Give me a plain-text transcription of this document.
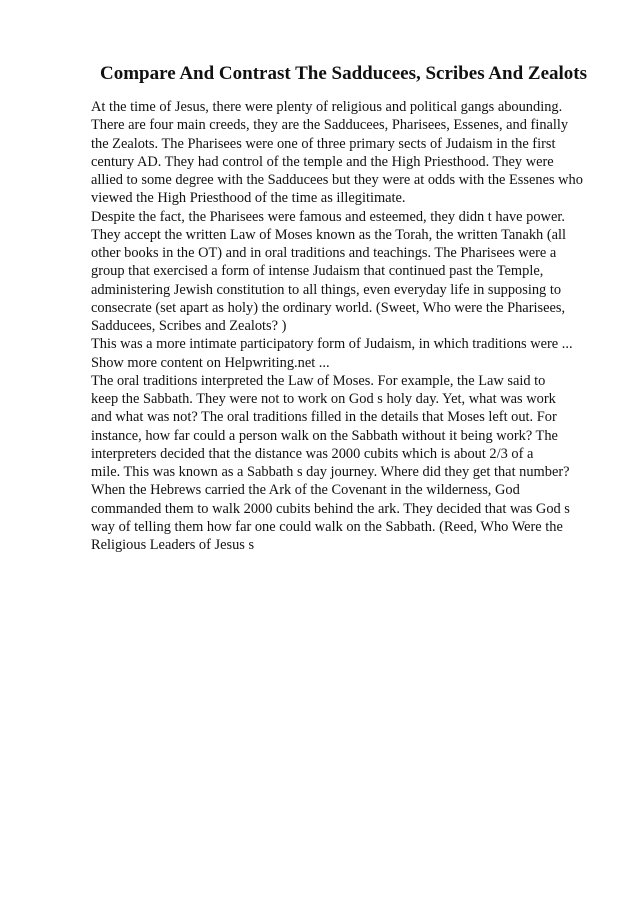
Compare And Contrast The Sadducees, Scribes And Zealots
At the time of Jesus, there were plenty of religious and political gangs abounding.
There are four main creeds, they are the Sadducees, Pharisees, Essenes, and finally
the Zealots. The Pharisees were one of three primary sects of Judaism in the first
century AD. They had control of the temple and the High Priesthood. They were
allied to some degree with the Sadducees but they were at odds with the Essenes who
viewed the High Priesthood of the time as illegitimate.
Despite the fact, the Pharisees were famous and esteemed, they didn t have power.
They accept the written Law of Moses known as the Torah, the written Tanakh (all
other books in the OT) and in oral traditions and teachings. The Pharisees were a
group that exercised a form of intense Judaism that continued past the Temple,
administering Jewish constitution to all things, even everyday life in supposing to
consecrate (set apart as holy) the ordinary world. (Sweet, Who were the Pharisees,
Sadducees, Scribes and Zealots? )
This was a more intimate participatory form of Judaism, in which traditions were ...
Show more content on Helpwriting.net ...
The oral traditions interpreted the Law of Moses. For example, the Law said to
keep the Sabbath. They were not to work on God s holy day. Yet, what was work
and what was not? The oral traditions filled in the details that Moses left out. For
instance, how far could a person walk on the Sabbath without it being work? The
interpreters decided that the distance was 2000 cubits which is about 2/3 of a
mile. This was known as a Sabbath s day journey. Where did they get that number?
When the Hebrews carried the Ark of the Covenant in the wilderness, God
commanded them to walk 2000 cubits behind the ark. They decided that was God s
way of telling them how far one could walk on the Sabbath. (Reed, Who Were the
Religious Leaders of Jesus s
